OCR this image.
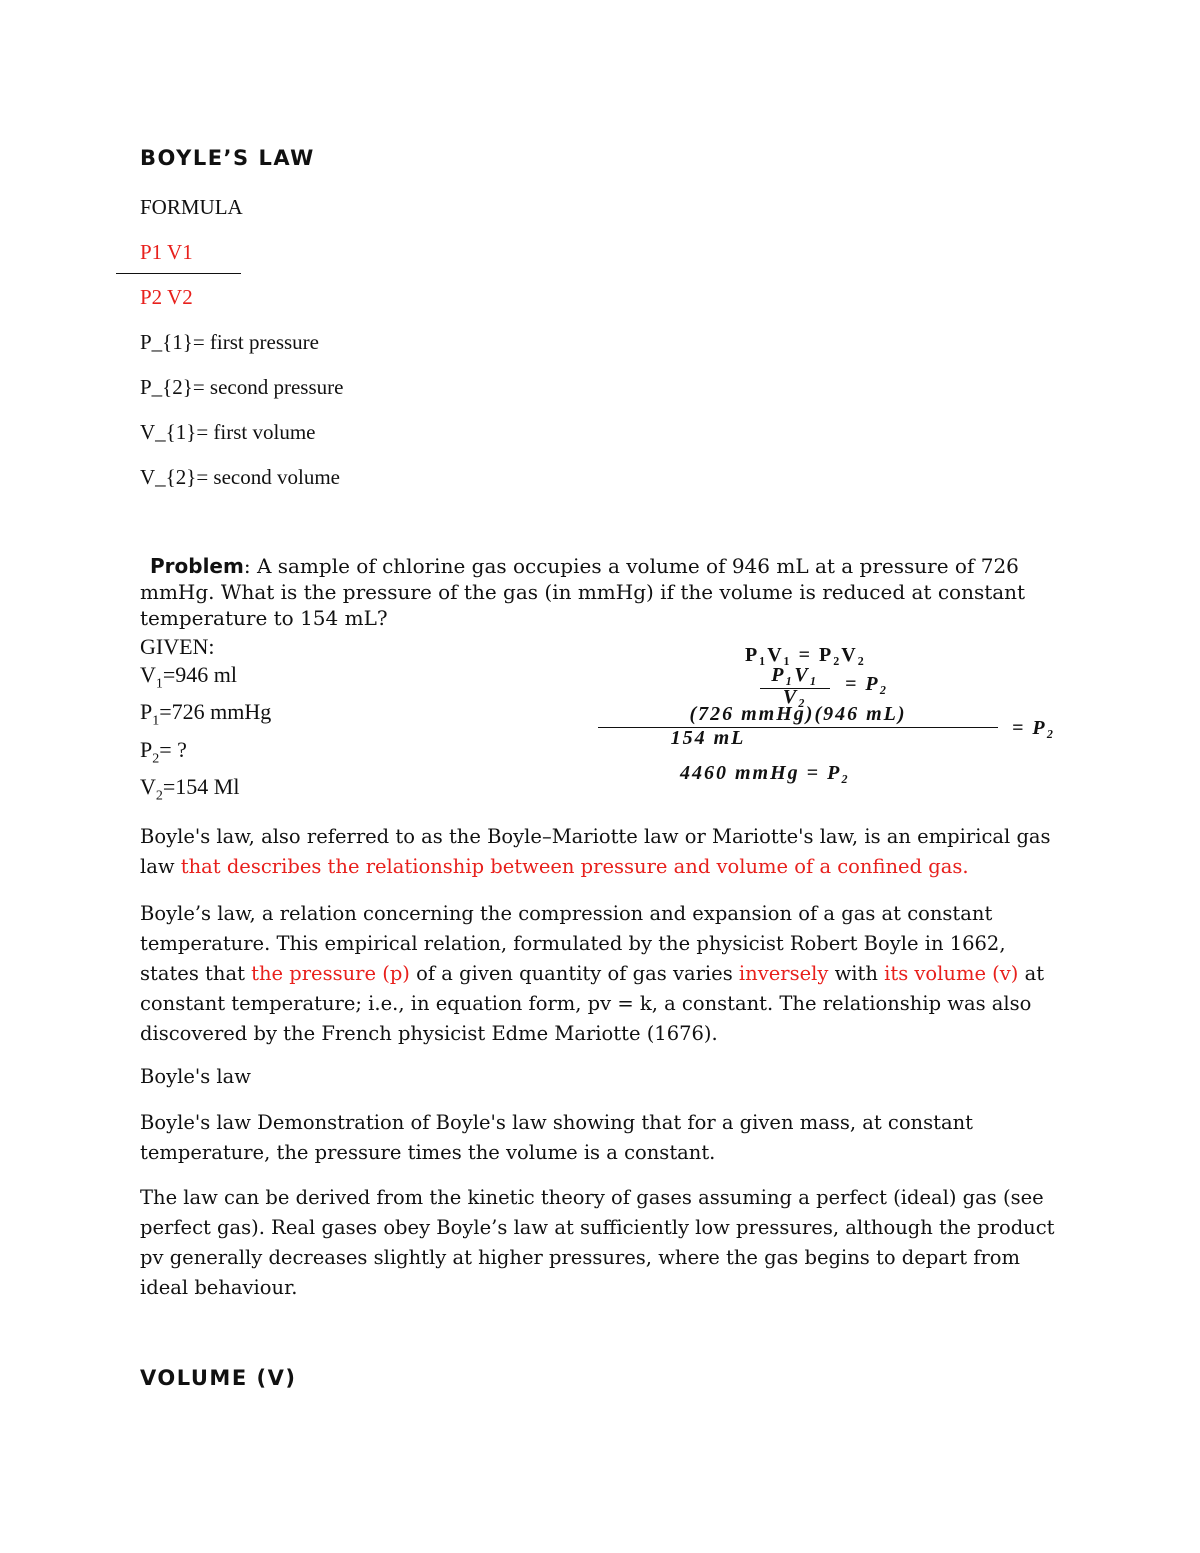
BOYLE’S LAW
FORMULA
P1 V1
P2 V2
P_{1}= first pressure
P_{2}= second pressure
V_{1}= first volume
V_{2}= second volume
Problem: A sample of chlorine gas occupies a volume of 946 mL at a pressure of 726 mmHg. What is the pressure of the gas (in mmHg) if the volume is reduced at constant temperature to 154 mL?
GIVEN:
$V_1=946$ ml
$P_1=726$ mmHg
$P_2=$ ?
$V_2=154$ Ml
P₁V₁ = P₂V₂
P₁V₁
V₂
= P₂
(726 mmHg)(946 mL)
154 mL	= P₂
4460 mmHg = P₂
Boyle's law, also referred to as the Boyle–Mariotte law or Mariotte's law, is an empirical gas law that describes the relationship between pressure and volume of a confined gas.
Boyle’s law, a relation concerning the compression and expansion of a gas at constant temperature. This empirical relation, formulated by the physicist Robert Boyle in 1662, states that the pressure (p) of a given quantity of gas varies inversely with its volume (v) at constant temperature; i.e., in equation form, pv = k, a constant. The relationship was also discovered by the French physicist Edme Mariotte (1676).
Boyle's law
Boyle's law Demonstration of Boyle's law showing that for a given mass, at constant temperature, the pressure times the volume is a constant.
The law can be derived from the kinetic theory of gases assuming a perfect (ideal) gas (see perfect gas). Real gases obey Boyle’s law at sufficiently low pressures, although the product pv generally decreases slightly at higher pressures, where the gas begins to depart from ideal behaviour.
VOLUME (V)
